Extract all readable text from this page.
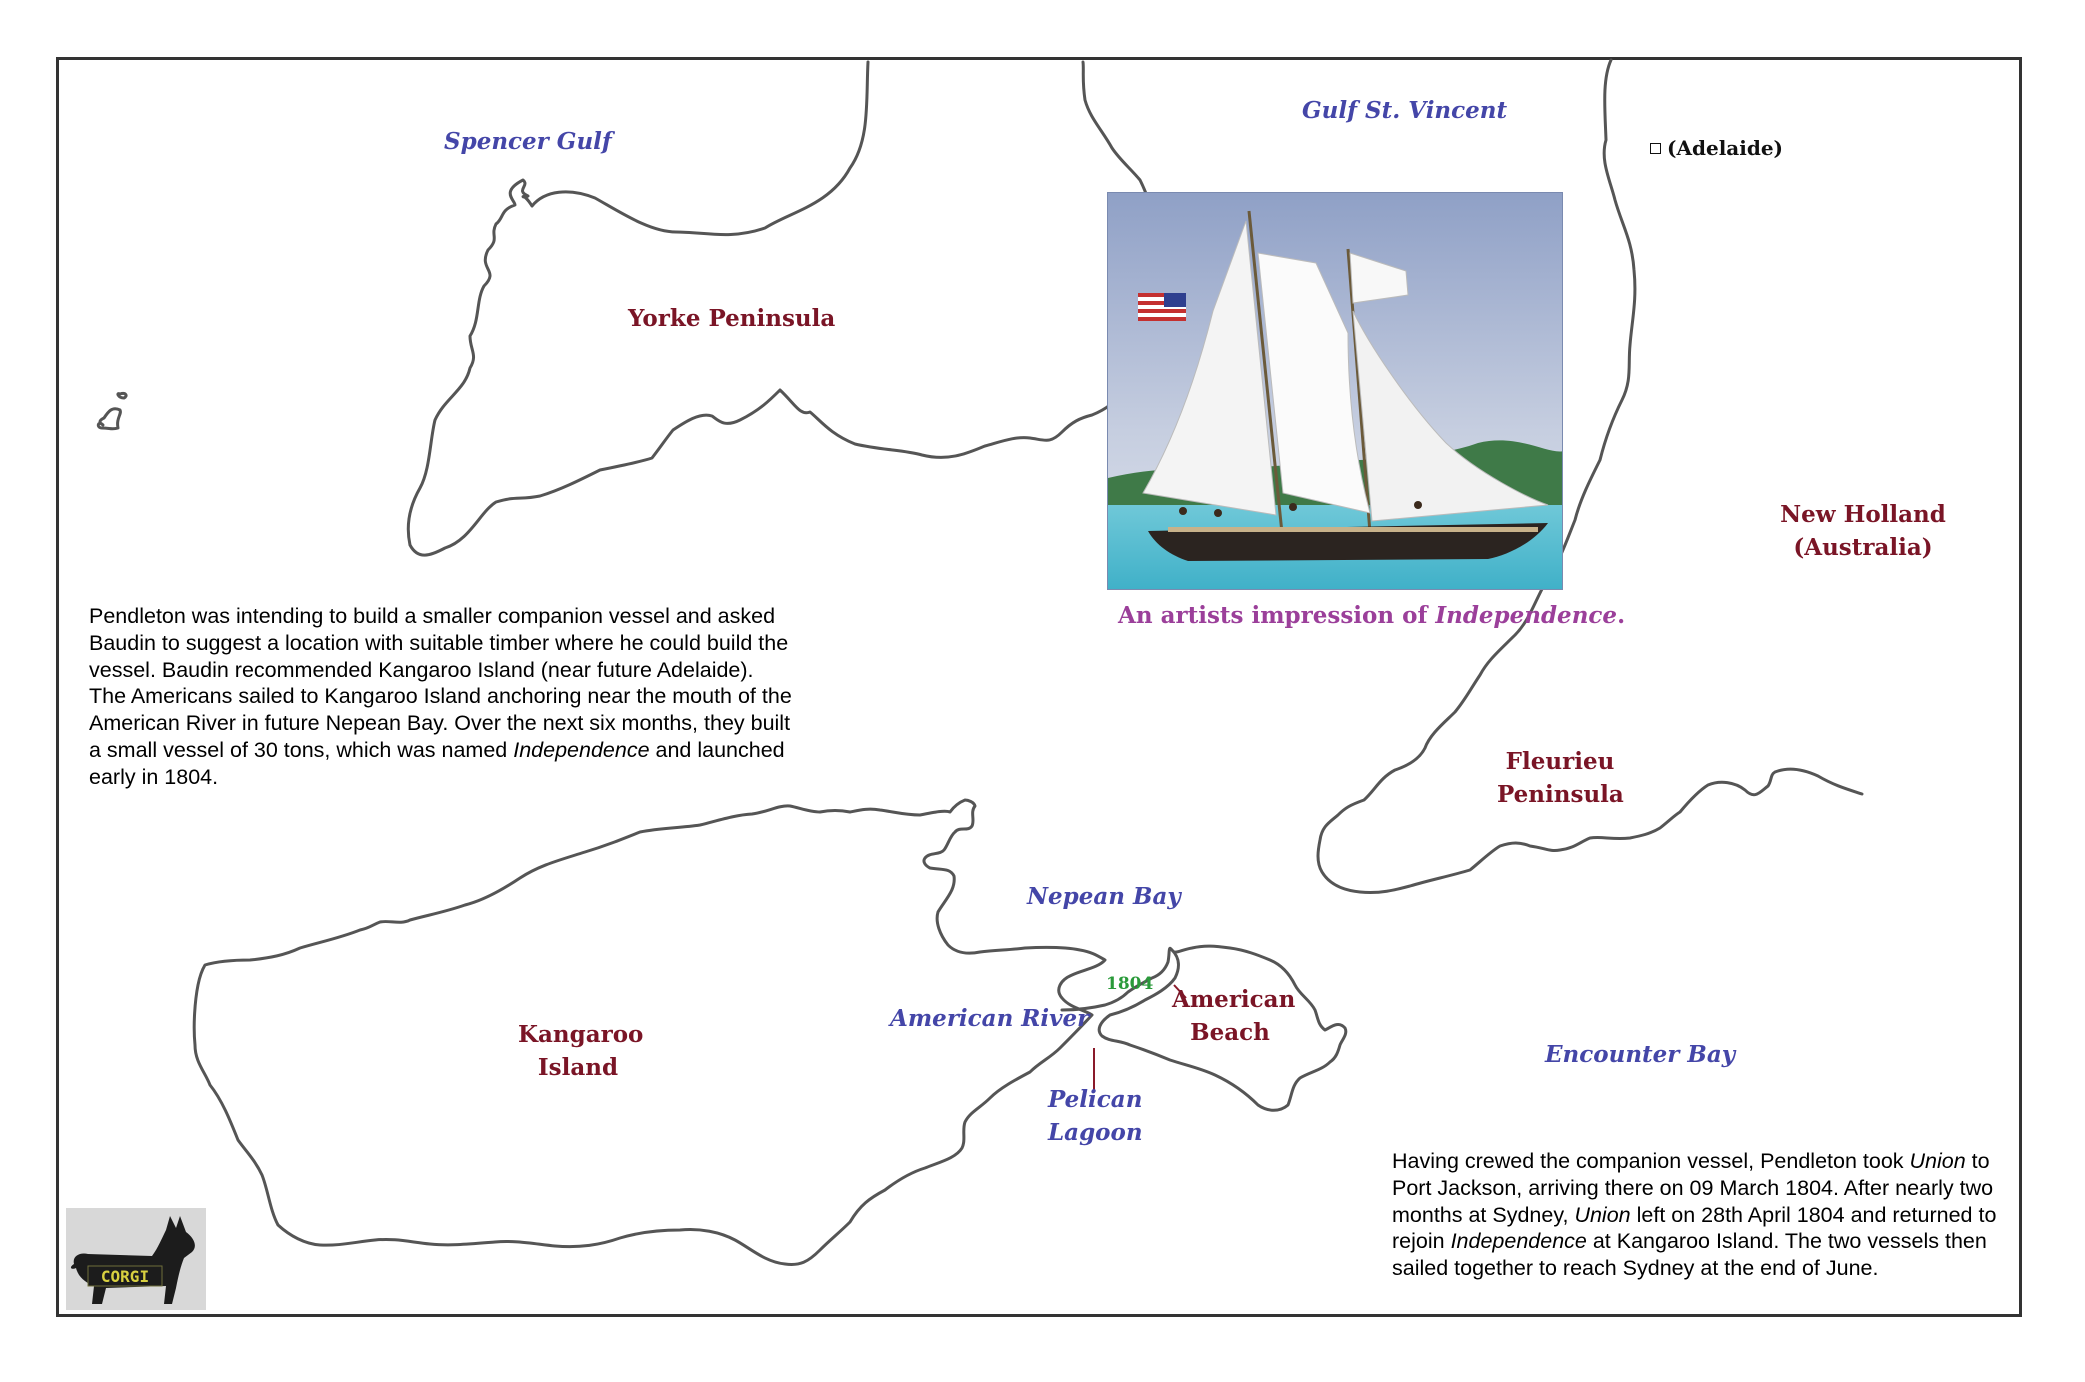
Spencer Gulf
Gulf St. Vincent
Nepean Bay
American River
Pelican
Lagoon
Encounter Bay
Yorke Peninsula
New Holland
(Australia)
Fleurieu
Peninsula
Kangaroo
Island
American
Beach
(Adelaide)
1804
An artists impression of Independence.
Pendleton was intending to build a smaller companion vessel and asked Baudin to suggest a location with suitable timber where he could build the vessel. Baudin recommended Kangaroo Island (near future Adelaide). The Americans sailed to Kangaroo Island anchoring near the mouth of the American River in future Nepean Bay. Over the next six months, they built a small vessel of 30 tons, which was named Independence and launched early in 1804.
Having crewed the companion vessel, Pendleton took Union to Port Jackson, arriving there on 09 March 1804. After nearly two months at Sydney, Union left on 28th April 1804 and returned to rejoin Independence at Kangaroo Island. The two vessels then sailed together to reach Sydney at the end of June.
CORGI
